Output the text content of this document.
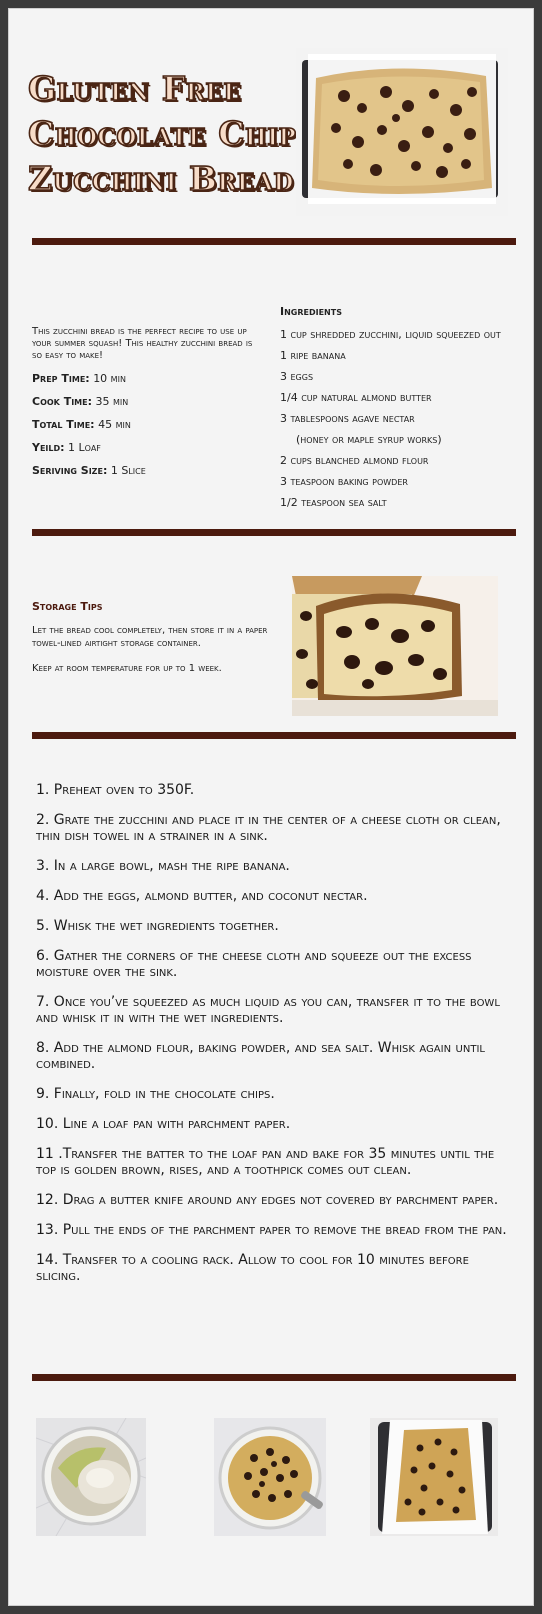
Gluten Free
Chocolate Chip
Zucchini Bread

This zucchini bread is the perfect recipe to use up your summer squash! This healthy zucchini bread is so easy to make!

Prep Time: 10 min
Cook Time: 35 min
Total Time: 45 min
Yeild: 1 Loaf
Seriving Size: 1 Slice
Ingredients
1 cup shredded zucchini, liquid squeezed out
1 ripe banana
3 eggs
1/4 cup natural almond butter
3 tablespoons agave nectar
(honey or maple syrup works)
2 cups blanched almond flour
3 teaspoon baking powder
1/2 teaspoon sea salt
Storage Tips

Let the bread cool completely, then store it in a paper towel-lined airtight storage container.

Keep at room temperature for up to 1 week.

1. Preheat oven to 350F.

2. Grate the zucchini and place it in the center of a cheese cloth or clean, thin dish towel in a strainer in a sink.

3. In a large bowl, mash the ripe banana.

4. Add the eggs, almond butter, and coconut nectar.

5. Whisk the wet ingredients together.

6. Gather the corners of the cheese cloth and squeeze out the excess moisture over the sink.

7. Once you’ve squeezed as much liquid as you can, transfer it to the bowl and whisk it in with the wet ingredients.

8. Add the almond flour, baking powder, and sea salt. Whisk again until combined.

9. Finally, fold in the chocolate chips.

10. Line a loaf pan with parchment paper.

11 .Transfer the batter to the loaf pan and bake for 35 minutes until the top is golden brown, rises, and a toothpick comes out clean.

12. Drag a butter knife around any edges not covered by parchment paper.

13. Pull the ends of the parchment paper to remove the bread from the pan.

14. Transfer to a cooling rack. Allow to cool for 10 minutes before slicing.
